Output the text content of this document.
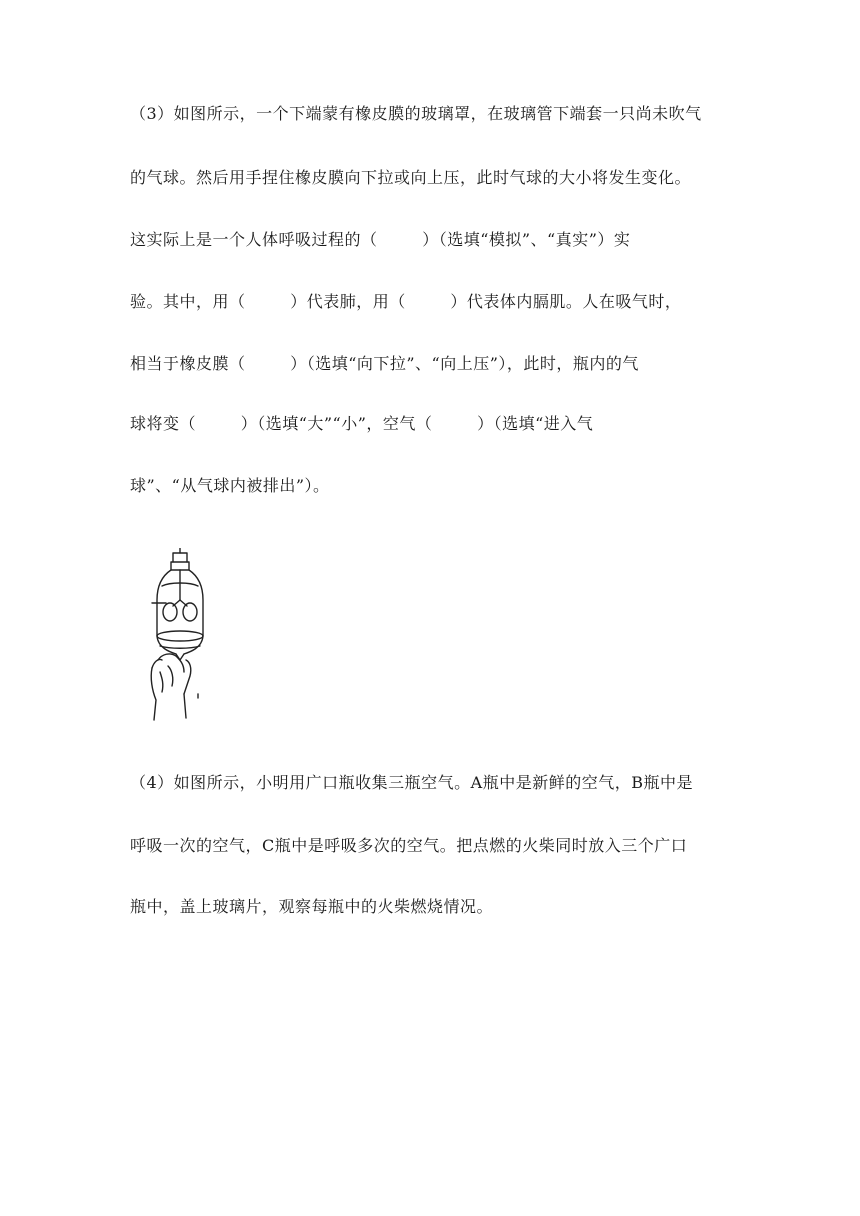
（3）如图所示，一个下端蒙有橡皮膜的玻璃罩，在玻璃管下端套一只尚未吹气
的气球。然后用手捏住橡皮膜向下拉或向上压，此时气球的大小将发生变化。
这实际上是一个人体呼吸过程的（        ）（选填“模拟”、“真实”）实
验。其中，用（        ）代表肺，用（        ）代表体内膈肌。人在吸气时，
相当于橡皮膜（        ）（选填“向下拉”、“向上压”），此时，瓶内的气
球将变（        ）（选填“大”“小”，空气（        ）（选填“进入气
球”、“从气球内被排出”）。
（4）如图所示，小明用广口瓶收集三瓶空气。A瓶中是新鲜的空气，B瓶中是
呼吸一次的空气，C瓶中是呼吸多次的空气。把点燃的火柴同时放入三个广口
瓶中，盖上玻璃片，观察每瓶中的火柴燃烧情况。
